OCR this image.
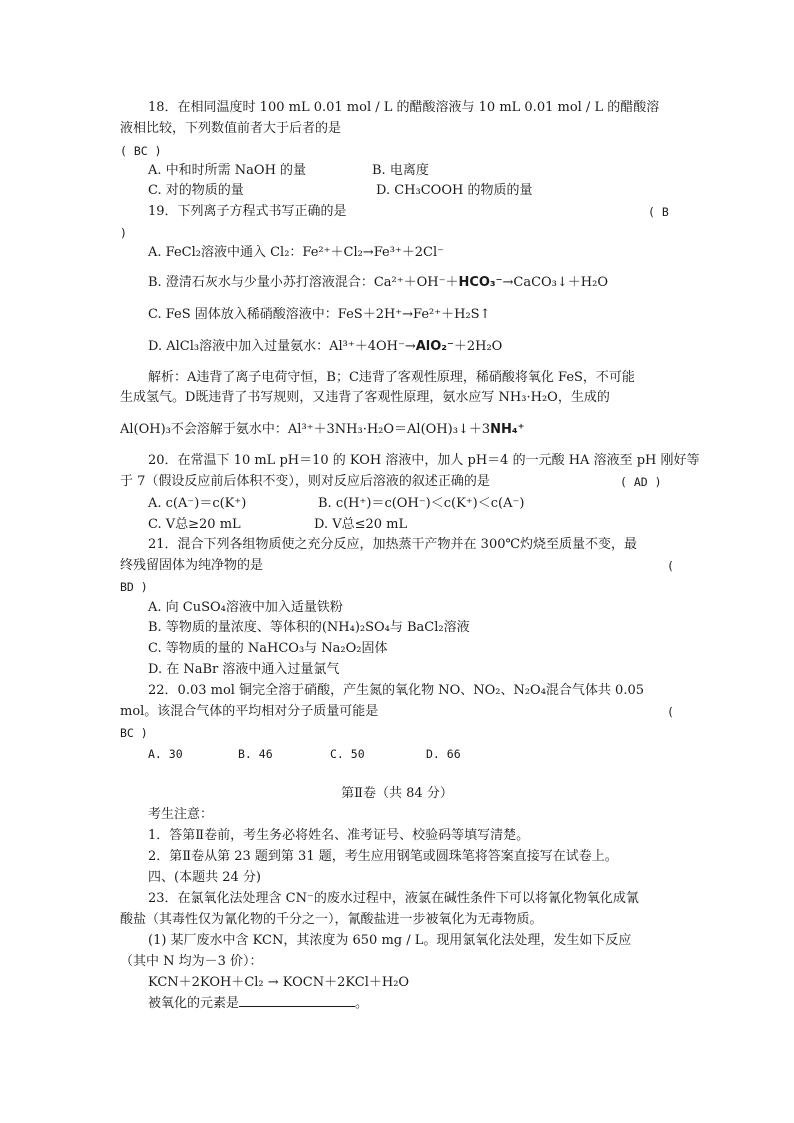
18．在相同温度时 100 mL 0.01 mol / L 的醋酸溶液与 10 mL 0.01 mol / L 的醋酸溶
液相比较，下列数值前者大于后者的是
( BC )
A. 中和时所需 NaOH 的量	B. 电离度
C. 对的物质的量	D. CH₃COOH 的物质的量
19．下列离子方程式书写正确的是	( B
)
A. FeCl₂溶液中通入 Cl₂：Fe²⁺＋Cl₂→Fe³⁺＋2Cl⁻
B. 澄清石灰水与少量小苏打溶液混合：Ca²⁺＋OH⁻＋HCO₃⁻→CaCO₃↓＋H₂O
C. FeS 固体放入稀硝酸溶液中：FeS＋2H⁺→Fe²⁺＋H₂S↑
D. AlCl₃溶液中加入过量氨水：Al³⁺＋4OH⁻→AlO₂⁻＋2H₂O
解析：A违背了离子电荷守恒，B；C违背了客观性原理，稀硝酸将氧化 FeS，不可能
生成氢气。D既违背了书写规则，又违背了客观性原理，氨水应写 NH₃·H₂O，生成的
Al(OH)₃不会溶解于氨水中：Al³⁺＋3NH₃·H₂O＝Al(OH)₃↓＋3NH₄⁺
20．在常温下 10 mL pH＝10 的 KOH 溶液中，加人 pH＝4 的一元酸 HA 溶液至 pH 刚好等
于 7（假设反应前后体积不变），则对反应后溶液的叙述正确的是	( AD )
A. c(A⁻)＝c(K⁺)	B. c(H⁺)＝c(OH⁻)＜c(K⁺)＜c(A⁻)
C. V总≥20 mL	D. V总≤20 mL
21．混合下列各组物质使之充分反应，加热蒸干产物并在 300℃灼烧至质量不变，最
终残留固体为纯净物的是	(
BD )
A. 向 CuSO₄溶液中加入适量铁粉
B. 等物质的量浓度、等体积的(NH₄)₂SO₄与 BaCl₂溶液
C. 等物质的量的 NaHCO₃与 Na₂O₂固体
D. 在 NaBr 溶液中通入过量氯气
22．0.03 mol 铜完全溶于硝酸，产生氮的氧化物 NO、NO₂、N₂O₄混合气体共 0.05
mol。该混合气体的平均相对分子质量可能是	(
BC )
A. 30	B. 46	C. 50	D. 66
第Ⅱ卷（共 84 分）
考生注意：
1．答第Ⅱ卷前，考生务必将姓名、准考证号、校验码等填写清楚。
2．第Ⅱ卷从第 23 题到第 31 题，考生应用钢笔或圆珠笔将答案直接写在试卷上。
四、(本题共 24 分)
23．在氯氧化法处理含 CN⁻的废水过程中，液氯在碱性条件下可以将氰化物氧化成氰
酸盐（其毒性仅为氰化物的千分之一），氰酸盐进一步被氧化为无毒物质。
(1) 某厂废水中含 KCN，其浓度为 650 mg / L。现用氯氧化法处理，发生如下反应
（其中 N 均为－3 价）：
KCN＋2KOH＋Cl₂ → KOCN＋2KCl＋H₂O
被氧化的元素是	。
